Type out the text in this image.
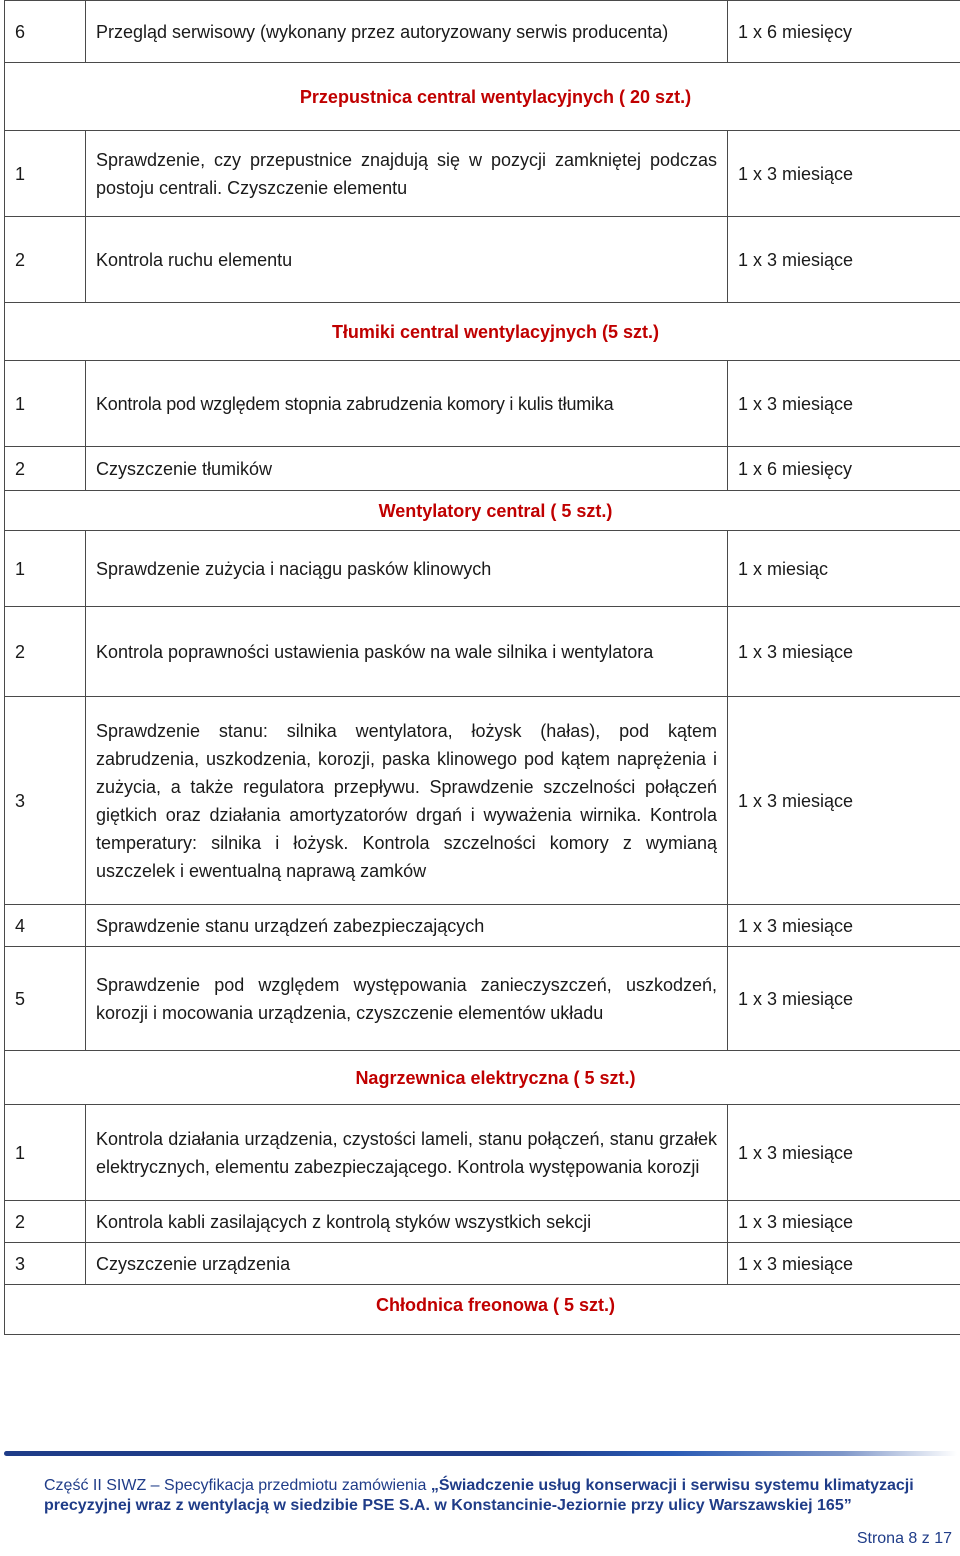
6	Przegląd serwisowy (wykonany przez autoryzowany serwis producenta)	1 x 6 miesięcy
Przepustnica central wentylacyjnych ( 20 szt.)		
1	Sprawdzenie, czy przepustnice znajdują się w pozycji zamkniętej podczas postoju centrali. Czyszczenie elementu	1 x 3 miesiące
2	Kontrola ruchu elementu	1 x 3 miesiące
Tłumiki central wentylacyjnych (5 szt.)		
1	Kontrola pod względem stopnia zabrudzenia komory i kulis tłumika	1 x 3 miesiące
2	Czyszczenie tłumików	1 x 6 miesięcy
Wentylatory central ( 5 szt.)		
1	Sprawdzenie zużycia i naciągu pasków klinowych	1 x miesiąc
2	Kontrola poprawności ustawienia pasków na wale silnika i wentylatora	1 x 3 miesiące
3	Sprawdzenie stanu: silnika wentylatora, łożysk (hałas), pod kątem zabrudzenia, uszkodzenia, korozji, paska klinowego pod kątem naprężenia i zużycia, a także regulatora przepływu. Sprawdzenie szczelności połączeń giętkich oraz działania amortyzatorów drgań i wyważenia wirnika. Kontrola temperatury: silnika i łożysk. Kontrola szczelności komory z wymianą uszczelek i ewentualną naprawą zamków	1 x 3 miesiące
4	Sprawdzenie stanu urządzeń zabezpieczających	1 x 3 miesiące
5	Sprawdzenie pod względem występowania zanieczyszczeń, uszkodzeń, korozji i mocowania urządzenia, czyszczenie elementów układu	1 x 3 miesiące
Nagrzewnica elektryczna ( 5 szt.)		
1	Kontrola działania urządzenia, czystości lameli, stanu połączeń, stanu grzałek elektrycznych, elementu zabezpieczającego. Kontrola występowania korozji	1 x 3 miesiące
2	Kontrola kabli zasilających z kontrolą styków wszystkich sekcji	1 x 3 miesiące
3	Czyszczenie urządzenia	1 x 3 miesiące
Chłodnica freonowa ( 5 szt.)		
Część II SIWZ – Specyfikacja przedmiotu zamówienia „Świadczenie usług konserwacji i serwisu systemu klimatyzacji precyzyjnej wraz z wentylacją w siedzibie PSE S.A. w Konstancinie-Jeziornie przy ulicy Warszawskiej 165”
Strona 8 z 17
